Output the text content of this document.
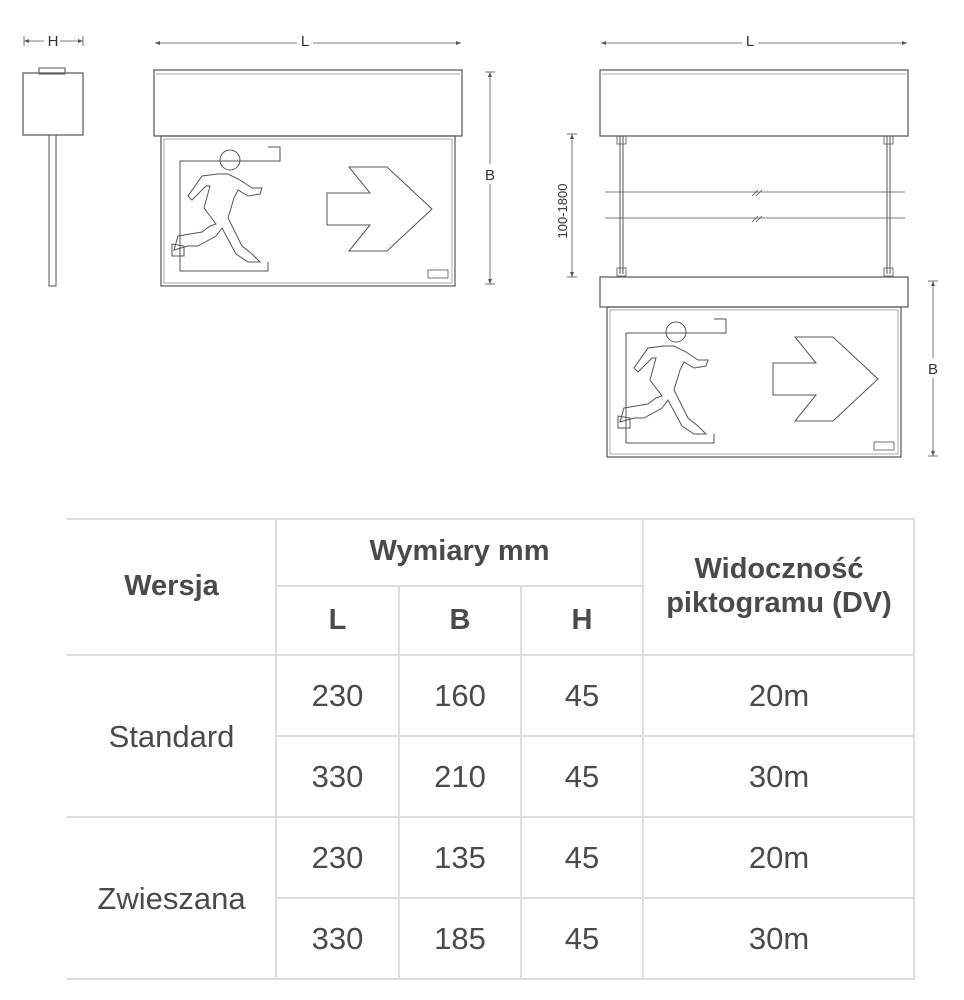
H	L
B
L
100-1800
B
Wersja
Wymiary mm
L	B	H
Widoczność
piktogramu (DV)
Standard
230	160	45	20m
330	210	45	30m
Zwieszana
230	135	45	20m
330	185	45	30m
